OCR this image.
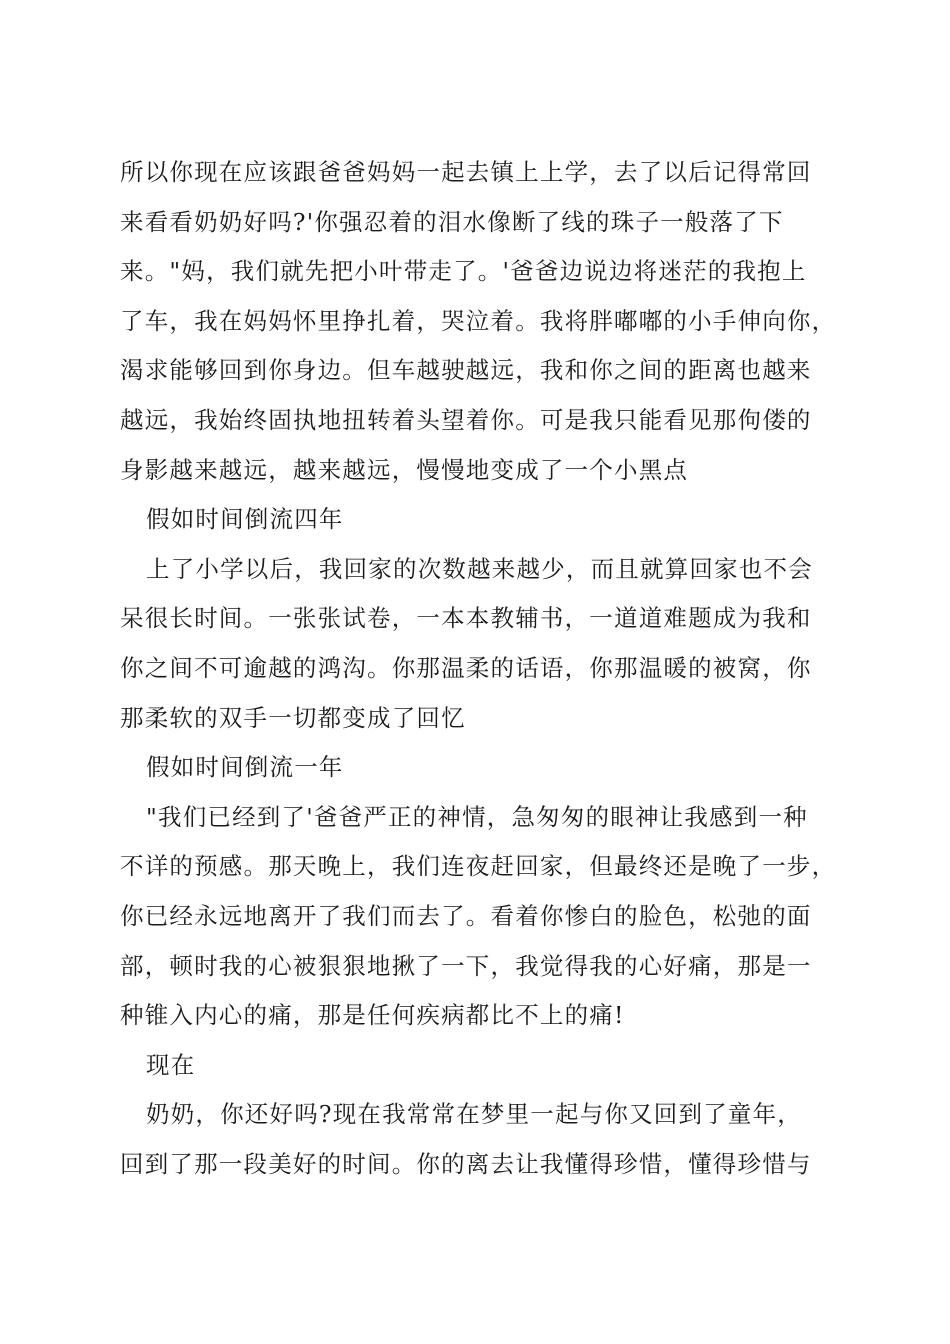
所以你现在应该跟爸爸妈妈一起去镇上上学，去了以后记得常回
来看看奶奶好吗?'你强忍着的泪水像断了线的珠子一般落了下
来。"妈，我们就先把小叶带走了。'爸爸边说边将迷茫的我抱上
了车，我在妈妈怀里挣扎着，哭泣着。我将胖嘟嘟的小手伸向你，
渴求能够回到你身边。但车越驶越远，我和你之间的距离也越来
越远，我始终固执地扭转着头望着你。可是我只能看见那佝偻的
身影越来越远，越来越远，慢慢地变成了一个小黑点
假如时间倒流四年
上了小学以后，我回家的次数越来越少，而且就算回家也不会
呆很长时间。一张张试卷，一本本教辅书，一道道难题成为我和
你之间不可逾越的鸿沟。你那温柔的话语，你那温暖的被窝，你
那柔软的双手一切都变成了回忆
假如时间倒流一年
"我们已经到了'爸爸严正的神情，急匆匆的眼神让我感到一种
不详的预感。那天晚上，我们连夜赶回家，但最终还是晚了一步，
你已经永远地离开了我们而去了。看着你惨白的脸色，松弛的面
部，顿时我的心被狠狠地揪了一下，我觉得我的心好痛，那是一
种锥入内心的痛，那是任何疾病都比不上的痛!
现在
奶奶，你还好吗?现在我常常在梦里一起与你又回到了童年，
回到了那一段美好的时间。你的离去让我懂得珍惜，懂得珍惜与
